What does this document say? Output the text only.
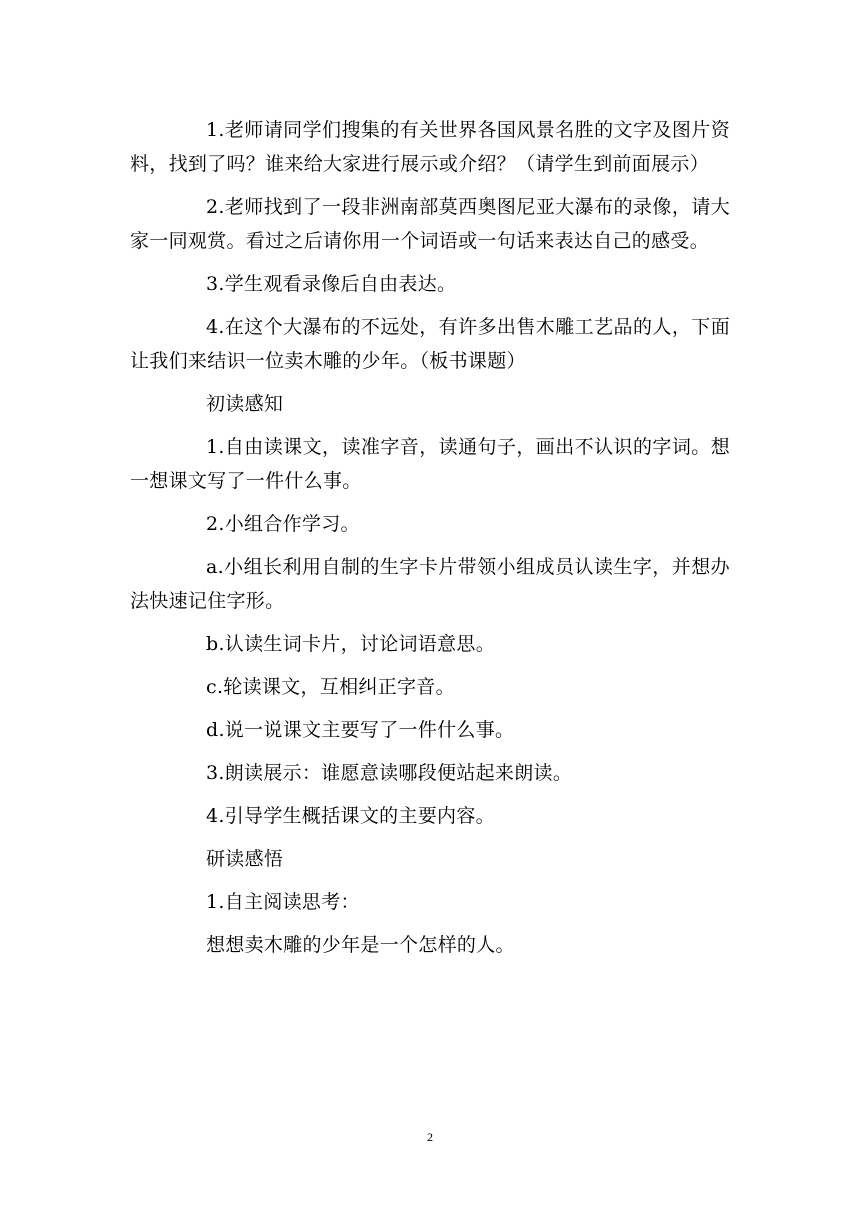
1.老师请同学们搜集的有关世界各国风景名胜的文字及图片资料，找到了吗？谁来给大家进行展示或介绍？（请学生到前面展示）

2.老师找到了一段非洲南部莫西奥图尼亚大瀑布的录像，请大家一同观赏。看过之后请你用一个词语或一句话来表达自己的感受。

3.学生观看录像后自由表达。

4.在这个大瀑布的不远处，有许多出售木雕工艺品的人，下面让我们来结识一位卖木雕的少年。（板书课题）

初读感知

1.自由读课文，读准字音，读通句子，画出不认识的字词。想一想课文写了一件什么事。

2.小组合作学习。

a.小组长利用自制的生字卡片带领小组成员认读生字，并想办法快速记住字形。

b.认读生词卡片，讨论词语意思。

c.轮读课文，互相纠正字音。

d.说一说课文主要写了一件什么事。

3.朗读展示：谁愿意读哪段便站起来朗读。

4.引导学生概括课文的主要内容。

研读感悟

1.自主阅读思考：

想想卖木雕的少年是一个怎样的人。

2
